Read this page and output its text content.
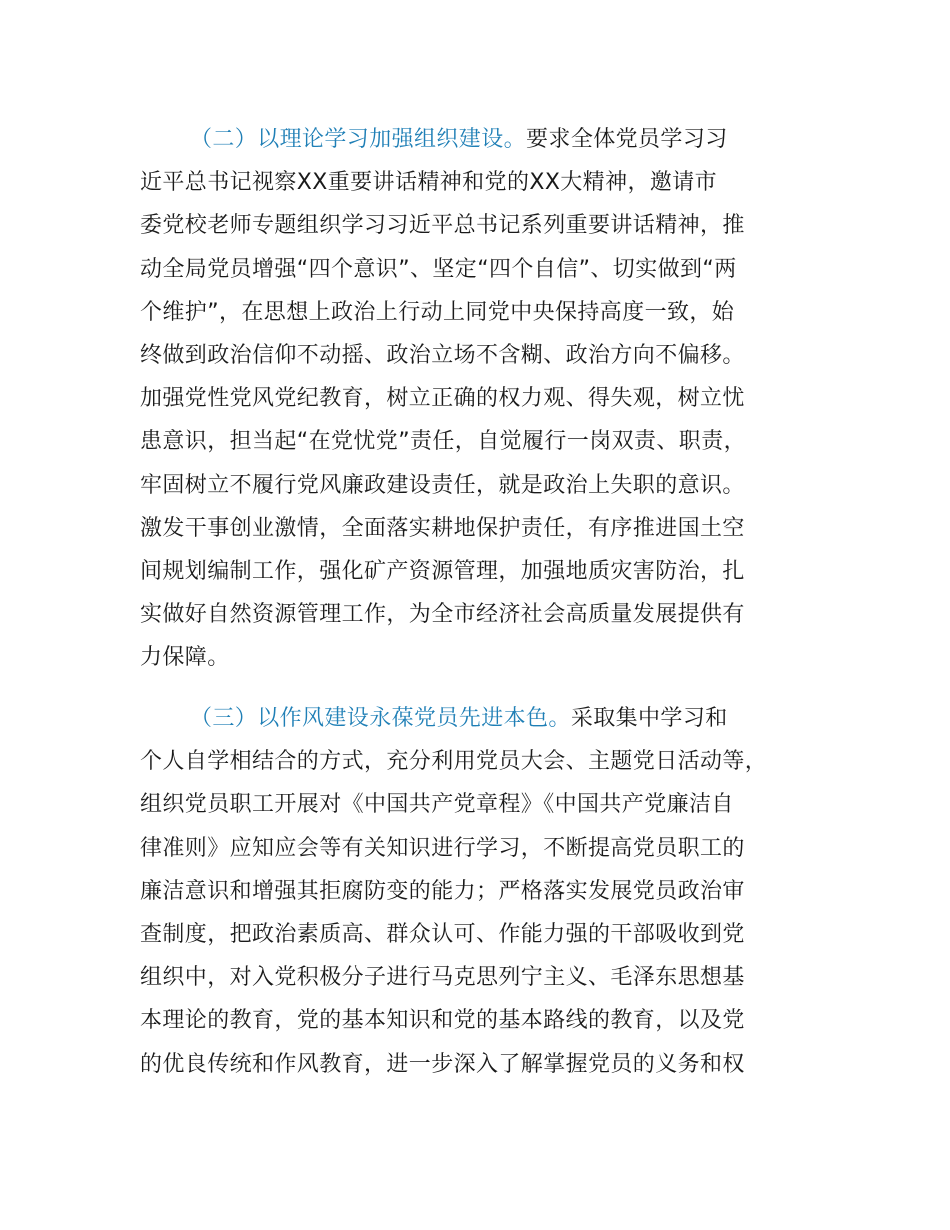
（二）以理论学习加强组织建设。要求全体党员学习习
近平总书记视察XX重要讲话精神和党的XX大精神，邀请市
委党校老师专题组织学习习近平总书记系列重要讲话精神，推
动全局党员增强“四个意识”、坚定“四个自信”、切实做到“两
个维护”，在思想上政治上行动上同党中央保持高度一致，始
终做到政治信仰不动摇、政治立场不含糊、政治方向不偏移。
加强党性党风党纪教育，树立正确的权力观、得失观，树立忧
患意识，担当起“在党忧党”责任，自觉履行一岗双责、职责，
牢固树立不履行党风廉政建设责任，就是政治上失职的意识。
激发干事创业激情，全面落实耕地保护责任，有序推进国土空
间规划编制工作，强化矿产资源管理，加强地质灾害防治，扎
实做好自然资源管理工作，为全市经济社会高质量发展提供有
力保障。
（三）以作风建设永葆党员先进本色。采取集中学习和
个人自学相结合的方式，充分利用党员大会、主题党日活动等，
组织党员职工开展对《中国共产党章程》《中国共产党廉洁自
律准则》应知应会等有关知识进行学习，不断提高党员职工的
廉洁意识和增强其拒腐防变的能力；严格落实发展党员政治审
查制度，把政治素质高、群众认可、作能力强的干部吸收到党
组织中，对入党积极分子进行马克思列宁主义、毛泽东思想基
本理论的教育，党的基本知识和党的基本路线的教育，以及党
的优良传统和作风教育，进一步深入了解掌握党员的义务和权
